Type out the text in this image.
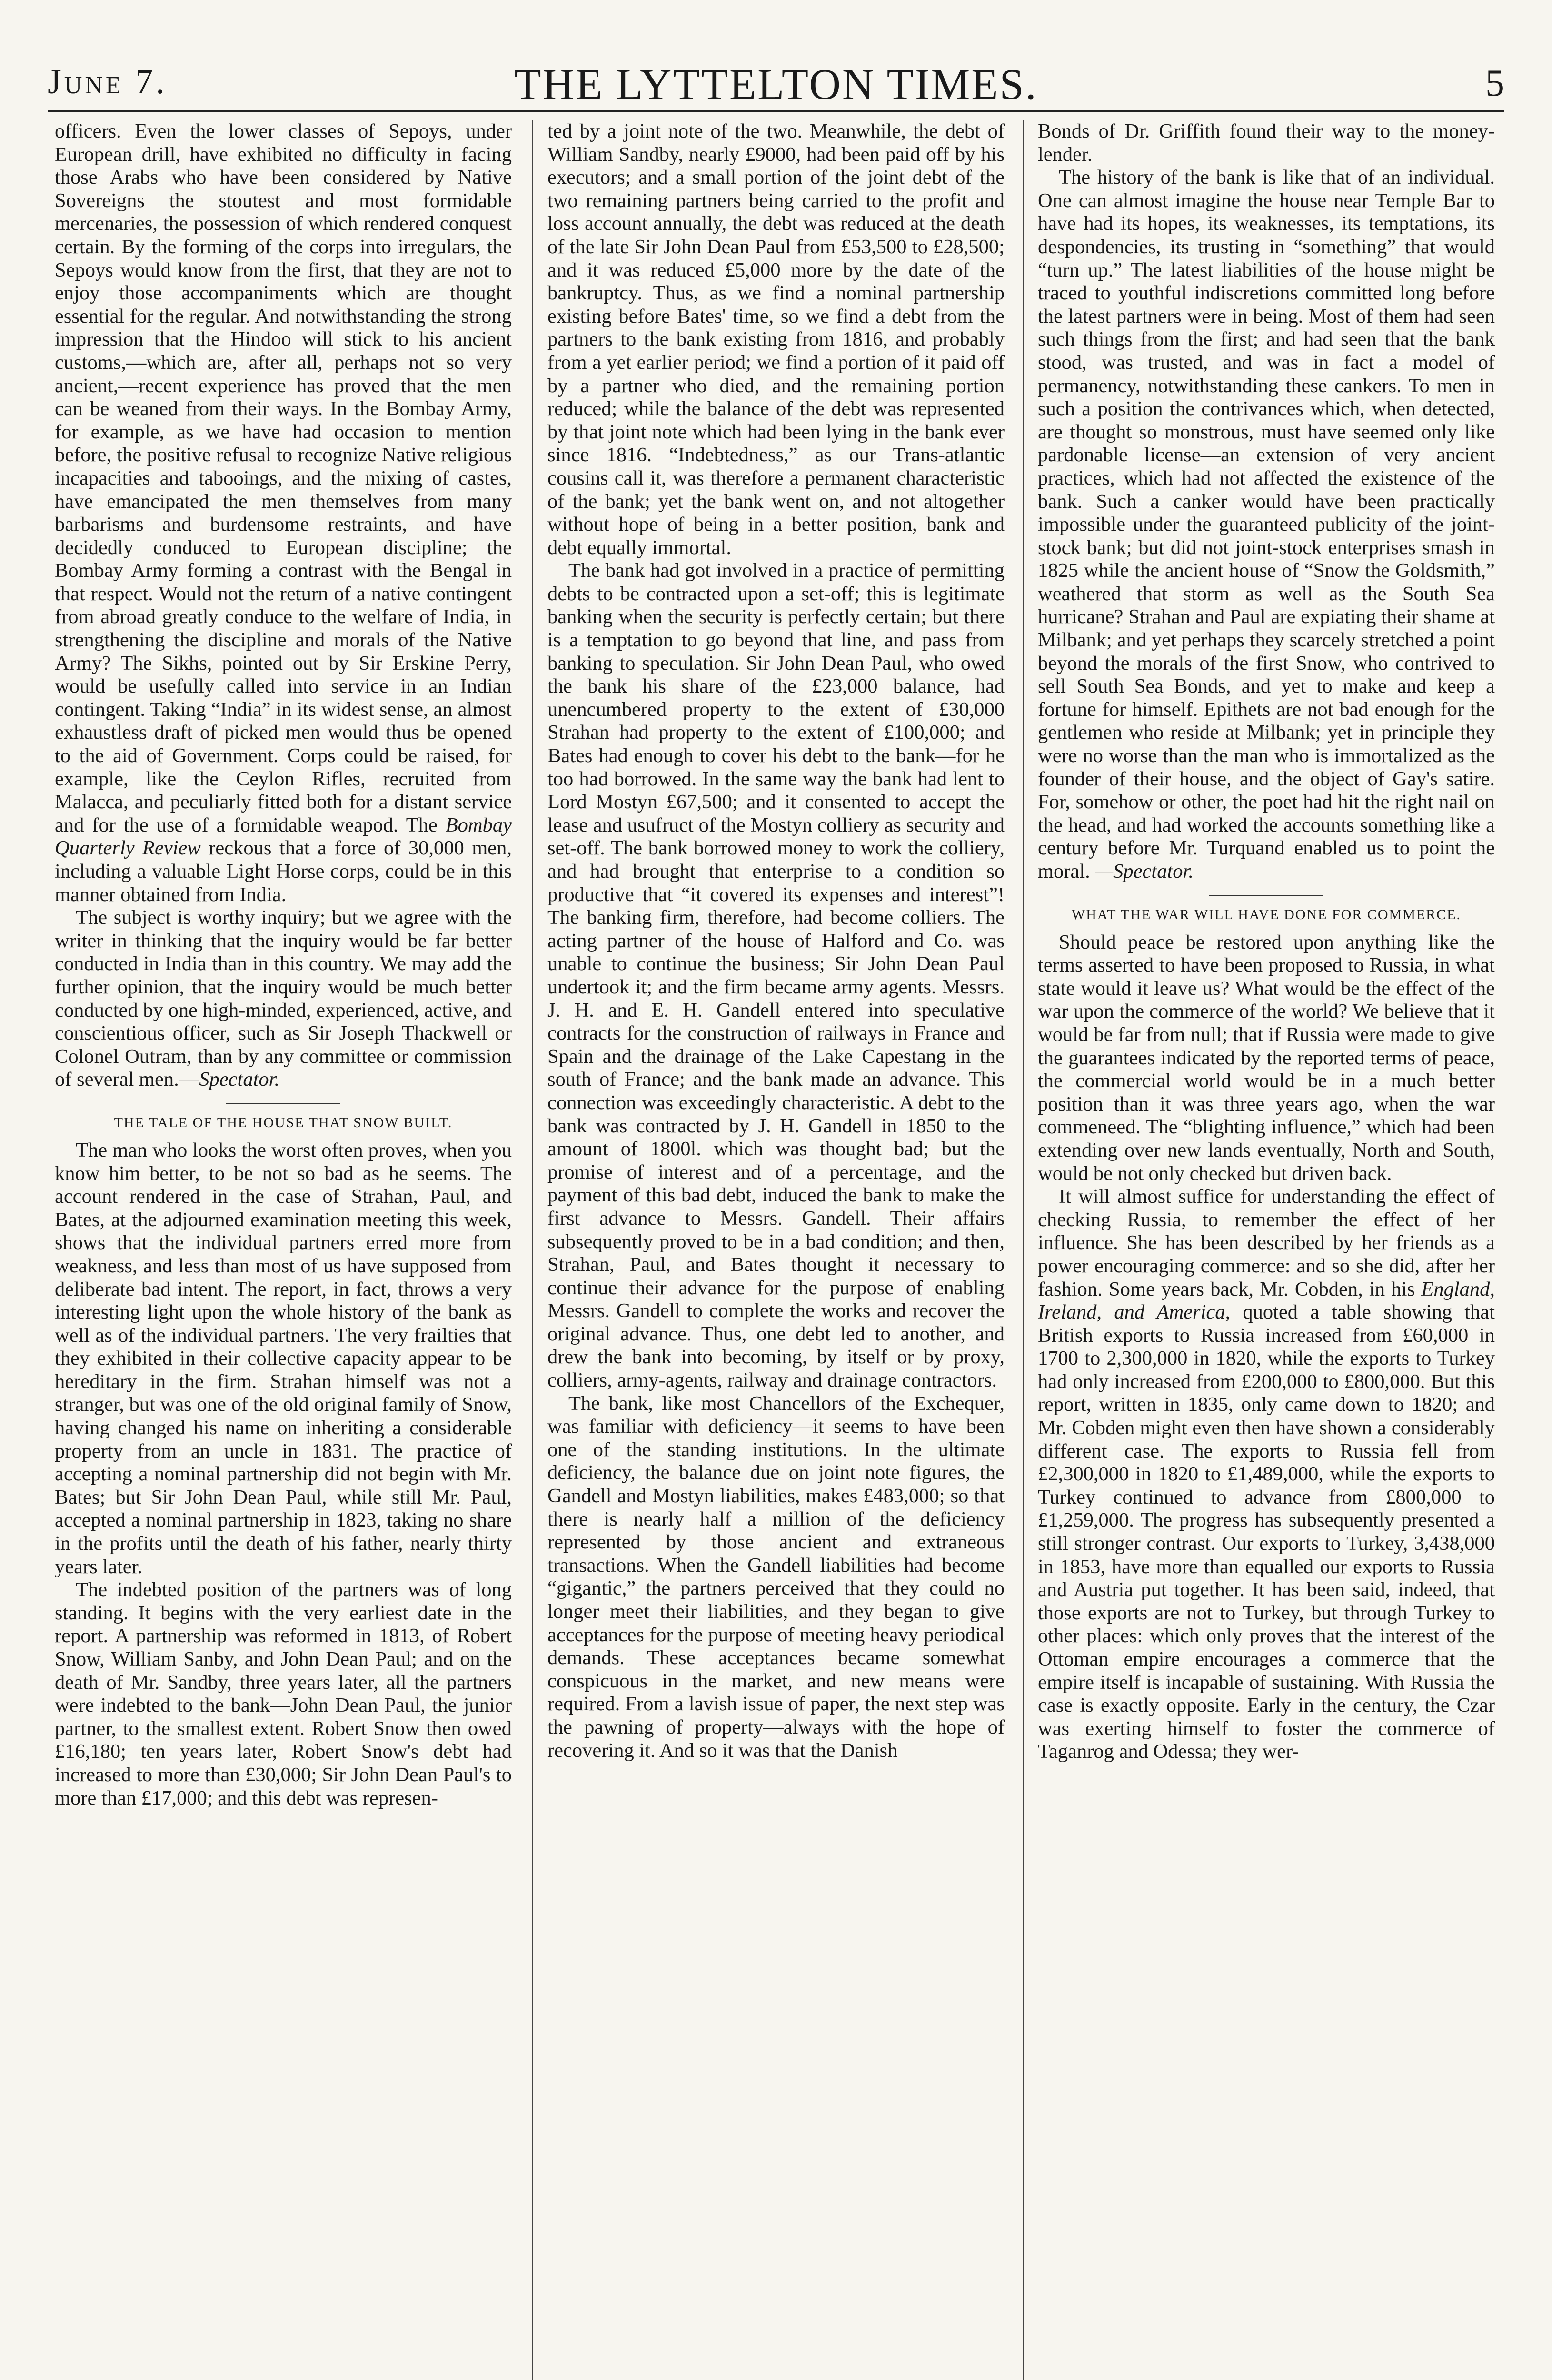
June 7.	THE LYTTELTON TIMES.	5

officers. Even the lower classes of Sepoys, under European drill, have exhibited no difficulty in facing those Arabs who have been considered by Native Sovereigns the stoutest and most formidable mercenaries, the possession of which rendered conquest certain. By the forming of the corps into irregulars, the Sepoys would know from the first, that they are not to enjoy those accompaniments which are thought essential for the regular. And notwithstanding the strong impression that the Hindoo will stick to his ancient customs,—which are, after all, perhaps not so very ancient,—recent experience has proved that the men can be weaned from their ways. In the Bombay Army, for example, as we have had occasion to mention before, the positive refusal to recognize Native religious incapacities and tabooings, and the mixing of castes, have emancipated the men themselves from many barbarisms and burdensome restraints, and have decidedly conduced to European discipline; the Bombay Army forming a contrast with the Bengal in that respect. Would not the return of a native contingent from abroad greatly conduce to the welfare of India, in strengthening the discipline and morals of the Native Army? The Sikhs, pointed out by Sir Erskine Perry, would be usefully called into service in an Indian contingent. Taking “India” in its widest sense, an almost exhaustless draft of picked men would thus be opened to the aid of Government. Corps could be raised, for example, like the Ceylon Rifles, recruited from Malacca, and peculiarly fitted both for a distant service and for the use of a formidable weapod. The Bombay Quarterly Review reckous that a force of 30,000 men, including a valuable Light Horse corps, could be in this manner obtained from India.

The subject is worthy inquiry; but we agree with the writer in thinking that the inquiry would be far better conducted in India than in this country. We may add the further opinion, that the inquiry would be much better conducted by one high-minded, experienced, active, and conscientious officer, such as Sir Joseph Thackwell or Colonel Outram, than by any committee or commission of several men.—Spectator.

THE TALE OF THE HOUSE THAT SNOW BUILT.

The man who looks the worst often proves, when you know him better, to be not so bad as he seems. The account rendered in the case of Strahan, Paul, and Bates, at the adjourned examination meeting this week, shows that the individual partners erred more from weakness, and less than most of us have supposed from deliberate bad intent. The report, in fact, throws a very interesting light upon the whole history of the bank as well as of the individual partners. The very frailties that they exhibited in their collective capacity appear to be hereditary in the firm. Strahan himself was not a stranger, but was one of the old original family of Snow, having changed his name on inheriting a considerable property from an uncle in 1831. The practice of accepting a nominal partnership did not begin with Mr. Bates; but Sir John Dean Paul, while still Mr. Paul, accepted a nominal partnership in 1823, taking no share in the profits until the death of his father, nearly thirty years later.

The indebted position of the partners was of long standing. It begins with the very earliest date in the report. A partnership was reformed in 1813, of Robert Snow, William Sanby, and John Dean Paul; and on the death of Mr. Sandby, three years later, all the partners were indebted to the bank—John Dean Paul, the junior partner, to the smallest extent. Robert Snow then owed £16,180; ten years later, Robert Snow's debt had increased to more than £30,000; Sir John Dean Paul's to more than £17,000; and this debt was represen-

ted by a joint note of the two. Meanwhile, the debt of William Sandby, nearly £9000, had been paid off by his executors; and a small portion of the joint debt of the two remaining partners being carried to the profit and loss account annually, the debt was reduced at the death of the late Sir John Dean Paul from £53,500 to £28,500; and it was reduced £5,000 more by the date of the bankruptcy. Thus, as we find a nominal partnership existing before Bates' time, so we find a debt from the partners to the bank existing from 1816, and probably from a yet earlier period; we find a portion of it paid off by a partner who died, and the remaining portion reduced; while the balance of the debt was represented by that joint note which had been lying in the bank ever since 1816. “Indebtedness,” as our Trans-atlantic cousins call it, was therefore a permanent characteristic of the bank; yet the bank went on, and not altogether without hope of being in a better position, bank and debt equally immortal.

The bank had got involved in a practice of permitting debts to be contracted upon a set-off; this is legitimate banking when the security is perfectly certain; but there is a temptation to go beyond that line, and pass from banking to speculation. Sir John Dean Paul, who owed the bank his share of the £23,000 balance, had unencumbered property to the extent of £30,000 Strahan had property to the extent of £100,000; and Bates had enough to cover his debt to the bank—for he too had borrowed. In the same way the bank had lent to Lord Mostyn £67,500; and it consented to accept the lease and usufruct of the Mostyn colliery as security and set-off. The bank borrowed money to work the colliery, and had brought that enterprise to a condition so productive that “it covered its expenses and interest”! The banking firm, therefore, had become colliers. The acting partner of the house of Halford and Co. was unable to continue the business; Sir John Dean Paul undertook it; and the firm became army agents. Messrs. J. H. and E. H. Gandell entered into speculative contracts for the construction of railways in France and Spain and the drainage of the Lake Capestang in the south of France; and the bank made an advance. This connection was exceedingly characteristic. A debt to the bank was contracted by J. H. Gandell in 1850 to the amount of 1800l. which was thought bad; but the promise of interest and of a percentage, and the payment of this bad debt, induced the bank to make the first advance to Messrs. Gandell. Their affairs subsequently proved to be in a bad condition; and then, Strahan, Paul, and Bates thought it necessary to continue their advance for the purpose of enabling Messrs. Gandell to complete the works and recover the original advance. Thus, one debt led to another, and drew the bank into becoming, by itself or by proxy, colliers, army-agents, railway and drainage contractors.

The bank, like most Chancellors of the Exchequer, was familiar with deficiency—it seems to have been one of the standing institutions. In the ultimate deficiency, the balance due on joint note figures, the Gandell and Mostyn liabilities, makes £483,000; so that there is nearly half a million of the deficiency represented by those ancient and extraneous transactions. When the Gandell liabilities had become “gigantic,” the partners perceived that they could no longer meet their liabilities, and they began to give acceptances for the purpose of meeting heavy periodical demands. These acceptances became somewhat conspicuous in the market, and new means were required. From a lavish issue of paper, the next step was the pawning of property—always with the hope of recovering it. And so it was that the Danish

Bonds of Dr. Griffith found their way to the money-lender.

The history of the bank is like that of an individual. One can almost imagine the house near Temple Bar to have had its hopes, its weaknesses, its temptations, its despondencies, its trusting in “something” that would “turn up.” The latest liabilities of the house might be traced to youthful indiscretions committed long before the latest partners were in being. Most of them had seen such things from the first; and had seen that the bank stood, was trusted, and was in fact a model of permanency, notwithstanding these cankers. To men in such a position the contrivances which, when detected, are thought so monstrous, must have seemed only like pardonable license—an extension of very ancient practices, which had not affected the existence of the bank. Such a canker would have been practically impossible under the guaranteed publicity of the joint-stock bank; but did not joint-stock enterprises smash in 1825 while the ancient house of “Snow the Goldsmith,” weathered that storm as well as the South Sea hurricane? Strahan and Paul are expiating their shame at Milbank; and yet perhaps they scarcely stretched a point beyond the morals of the first Snow, who contrived to sell South Sea Bonds, and yet to make and keep a fortune for himself. Epithets are not bad enough for the gentlemen who reside at Milbank; yet in principle they were no worse than the man who is immortalized as the founder of their house, and the object of Gay's satire. For, somehow or other, the poet had hit the right nail on the head, and had worked the accounts something like a century before Mr. Turquand enabled us to point the moral. —Spectator.

WHAT THE WAR WILL HAVE DONE FOR COMMERCE.

Should peace be restored upon anything like the terms asserted to have been proposed to Russia, in what state would it leave us? What would be the effect of the war upon the commerce of the world? We believe that it would be far from null; that if Russia were made to give the guarantees indicated by the reported terms of peace, the commercial world would be in a much better position than it was three years ago, when the war commeneed. The “blighting influence,” which had been extending over new lands eventually, North and South, would be not only checked but driven back.

It will almost suffice for understanding the effect of checking Russia, to remember the effect of her influence. She has been described by her friends as a power encouraging commerce: and so she did, after her fashion. Some years back, Mr. Cobden, in his England, Ireland, and America, quoted a table showing that British exports to Russia increased from £60,000 in 1700 to 2,300,000 in 1820, while the exports to Turkey had only increased from £200,000 to £800,000. But this report, written in 1835, only came down to 1820; and Mr. Cobden might even then have shown a considerably different case. The exports to Russia fell from £2,300,000 in 1820 to £1,489,000, while the exports to Turkey continued to advance from £800,000 to £1,259,000. The progress has subsequently presented a still stronger contrast. Our exports to Turkey, 3,438,000 in 1853, have more than equalled our exports to Russia and Austria put together. It has been said, indeed, that those exports are not to Turkey, but through Turkey to other places: which only proves that the interest of the Ottoman empire encourages a commerce that the empire itself is incapable of sustaining. With Russia the case is exactly opposite. Early in the century, the Czar was exerting himself to foster the commerce of Taganrog and Odessa; they wer-
